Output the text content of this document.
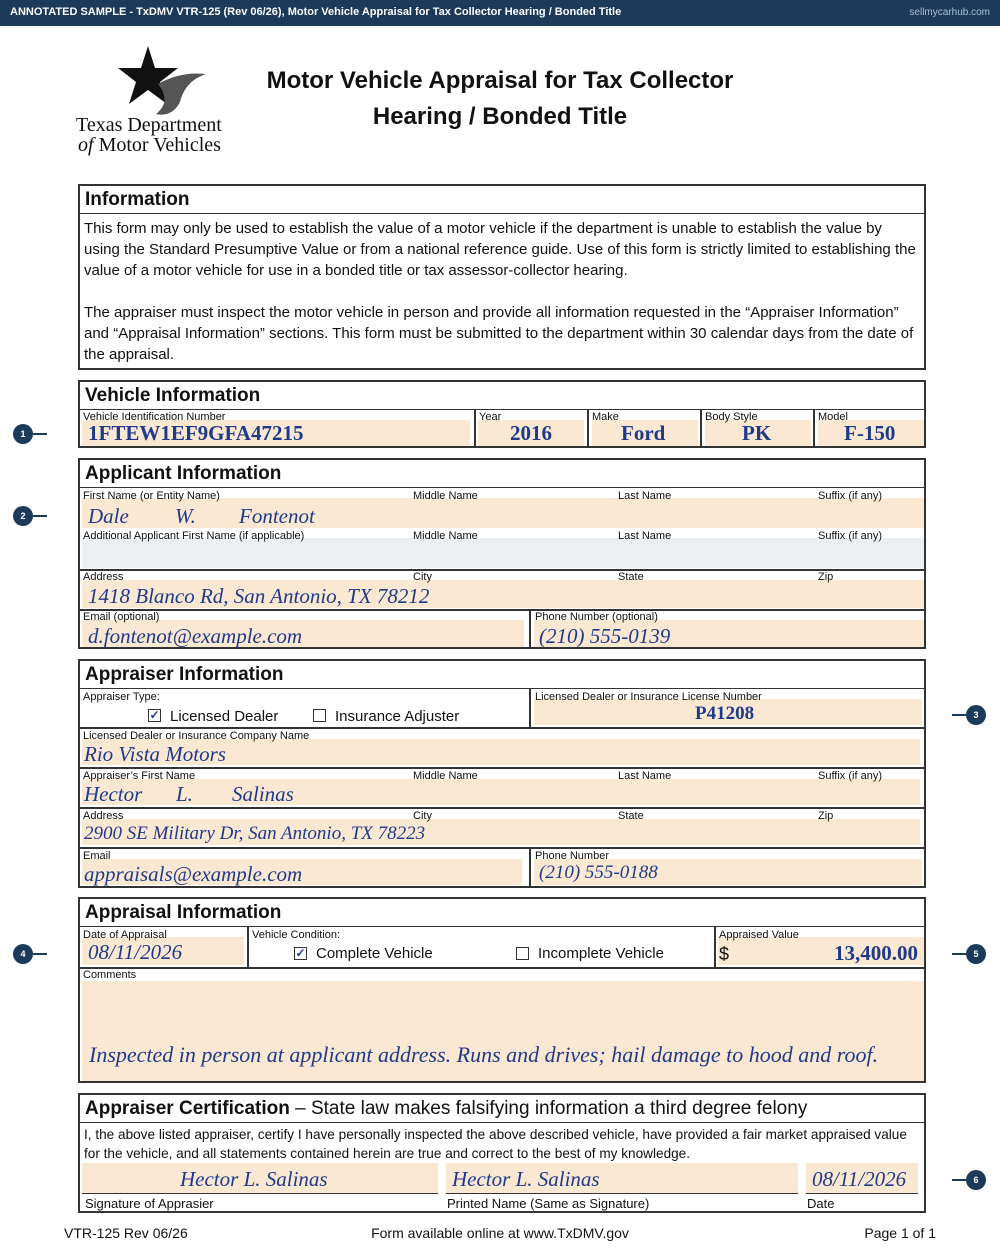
ANNOTATED SAMPLE - TxDMV VTR-125 (Rev 06/26), Motor Vehicle Appraisal for Tax Collector Hearing / Bonded Title	sellmycarhub.com
Texas Department
of Motor Vehicles
Motor Vehicle Appraisal for Tax Collector
Hearing / Bonded Title
Information
This form may only be used to establish the value of a motor vehicle if the department is unable to establish the value by using the Standard Presumptive Value or from a national reference guide. Use of this form is strictly limited to establishing the value of a motor vehicle for use in a bonded title or tax assessor-collector hearing.
The appraiser must inspect the motor vehicle in person and provide all information requested in the “Appraiser Information” and “Appraisal Information” sections. This form must be submitted to the department within 30 calendar days from the date of the appraisal.
Vehicle Information
Vehicle Identification Number	Year	Make	Body Style	Model
1FTEW1EF9GFA47215	2016	Ford	PK	F-150
Applicant Information
First Name (or Entity Name)	Middle Name	Last Name	Suffix (if any)
Dale W. Fontenot
Additional Applicant First Name (if applicable)	Middle Name	Last Name	Suffix (if any)
Address	City	State	Zip
1418 Blanco Rd, San Antonio, TX 78212
Email (optional)	Phone Number (optional)
d.fontenot@example.com	(210) 555-0139
Appraiser Information
Appraiser Type:
✓ Licensed Dealer	Insurance Adjuster
Licensed Dealer or Insurance License Number
P41208
Licensed Dealer or Insurance Company Name
Rio Vista Motors
Appraiser’s First Name	Middle Name	Last Name	Suffix (if any)
Hector L. Salinas
Address	City	State	Zip
2900 SE Military Dr, San Antonio, TX 78223
Email	Phone Number
appraisals@example.com	(210) 555-0188
Appraisal Information
Date of Appraisal
08/11/2026
Vehicle Condition:
✓ Complete Vehicle	Incomplete Vehicle
Appraised Value
$	13,400.00
Comments
Inspected in person at applicant address. Runs and drives; hail damage to hood and roof.
Appraiser Certification – State law makes falsifying information a third degree felony
I, the above listed appraiser, certify I have personally inspected the above described vehicle, have provided a fair market appraised value for the vehicle, and all statements contained herein are true and correct to the best of my knowledge.
Hector L. Salinas	Hector L. Salinas	08/11/2026
Signature of Apprasier	Printed Name (Same as Signature)	Date
VTR-125 Rev 06/26	Form available online at www.TxDMV.gov	Page 1 of 1
1
2
3
4	5
6
